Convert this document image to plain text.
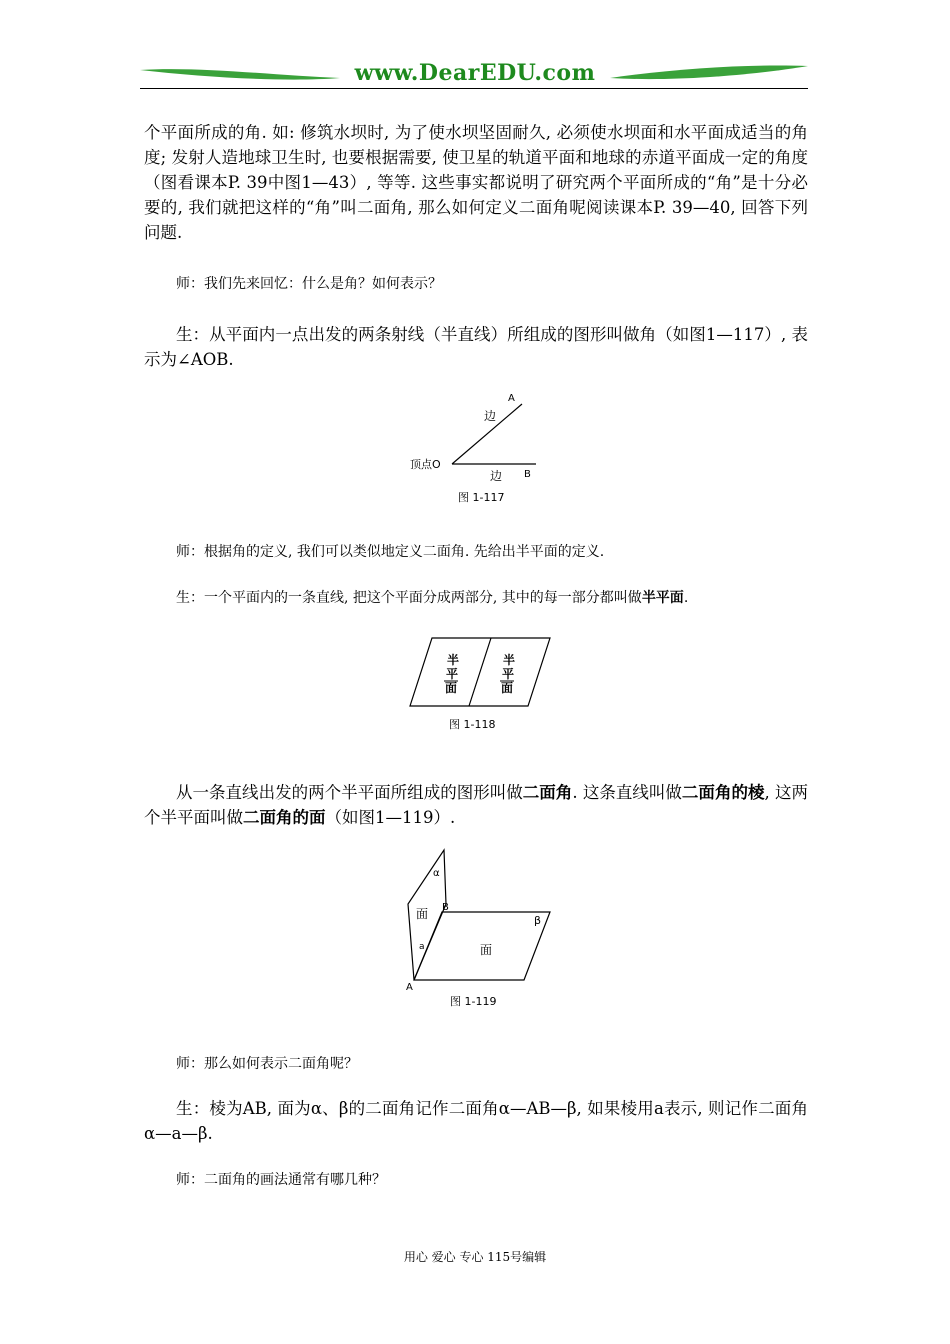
www.DearEDU.com
个平面所成的角. 如: 修筑水坝时, 为了使水坝坚固耐久, 必须使水坝面和水平面成适当的角度; 发射人造地球卫生时, 也要根据需要, 使卫星的轨道平面和地球的赤道平面成一定的角度（图看课本P. 39中图1—43）, 等等. 这些事实都说明了研究两个平面所成的“角”是十分必要的, 我们就把这样的“角”叫二面角, 那么如何定义二面角呢阅读课本P. 39—40, 回答下列问题.
师：我们先来回忆：什么是角？如何表示？
生：从平面内一点出发的两条射线（半直线）所组成的图形叫做角（如图1—117）, 表示为∠AOB.
A
B
顶点O
边
边
图 1-117
师：根据角的定义, 我们可以类似地定义二面角. 先给出半平面的定义.
生：一个平面内的一条直线, 把这个平面分成两部分, 其中的每一部分都叫做半平面.
半
平
面
半
平
面
图 1-118
从一条直线出发的两个半平面所组成的图形叫做二面角. 这条直线叫做二面角的棱, 这两个半平面叫做二面角的面（如图1—119）.
α
β
a
A
B
面
面
图 1-119
师：那么如何表示二面角呢？
生：棱为AB, 面为α、β的二面角记作二面角α—AB—β, 如果棱用a表示, 则记作二面角α—a—β.
师：二面角的画法通常有哪几种？
用心 爱心 专心 115号编辑
